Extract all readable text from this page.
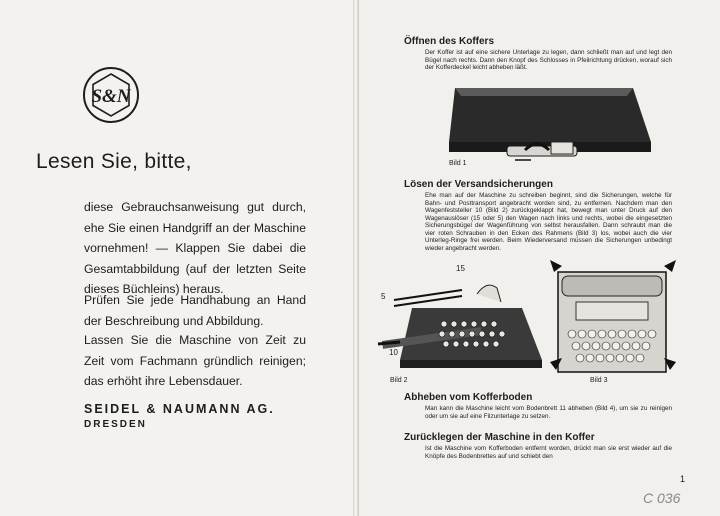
S&N
Lesen Sie, bitte,

diese Gebrauchsanweisung gut durch, ehe Sie einen Handgriff an der Maschine vornehmen! — Klappen Sie dabei die Gesamtabbildung (auf der letzten Seite dieses Büchleins) heraus.

Prüfen Sie jede Handhabung an Hand der Beschreibung und Abbildung.

Lassen Sie die Maschine von Zeit zu Zeit vom Fachmann gründlich reinigen; das erhöht ihre Lebensdauer.

SEIDEL & NAUMANN AG.

DRESDEN

Öffnen des Koffers

Der Koffer ist auf eine sichere Unterlage zu legen, dann schließt man auf und legt den Bügel nach rechts. Dann den Knopf des Schlosses in Pfeilrichtung drücken, worauf sich der Kofferdeckel leicht abheben läßt.

Bild 1
Lösen der Versandsicherungen

Ehe man auf der Maschine zu schreiben beginnt, sind die Sicherungen, welche für Bahn- und Posttransport angebracht worden sind, zu entfernen. Nachdem man den Wagenfeststeller 10 (Bild 2) zurückgeklappt hat, bewegt man unter Druck auf den Wagenauslöser (15 oder 5) den Wagen nach links und rechts, wobei die eingesetzten Sicherungsbügel der Wagenführung von selbst herausfallen. Dann schraubt man die vier roten Schrauben in den Ecken des Rahmens (Bild 3) los, wobei auch die vier Unterleg-Ringe frei werden. Beim Wiederversand müssen die Sicherungen unbedingt wieder angebracht werden.

15
5
10
Bild 2	Bild 3
Abheben vom Kofferboden

Man kann die Maschine leicht vom Bodenbrett 11 abheben (Bild 4), um sie zu reinigen oder um sie auf eine Filzunterlage zu setzen.

Zurücklegen der Maschine in den Koffer

Ist die Maschine vom Kofferboden entfernt worden, drückt man sie erst wieder auf die Knöpfe des Bodenbrettes auf und schiebt den

1
C 036
